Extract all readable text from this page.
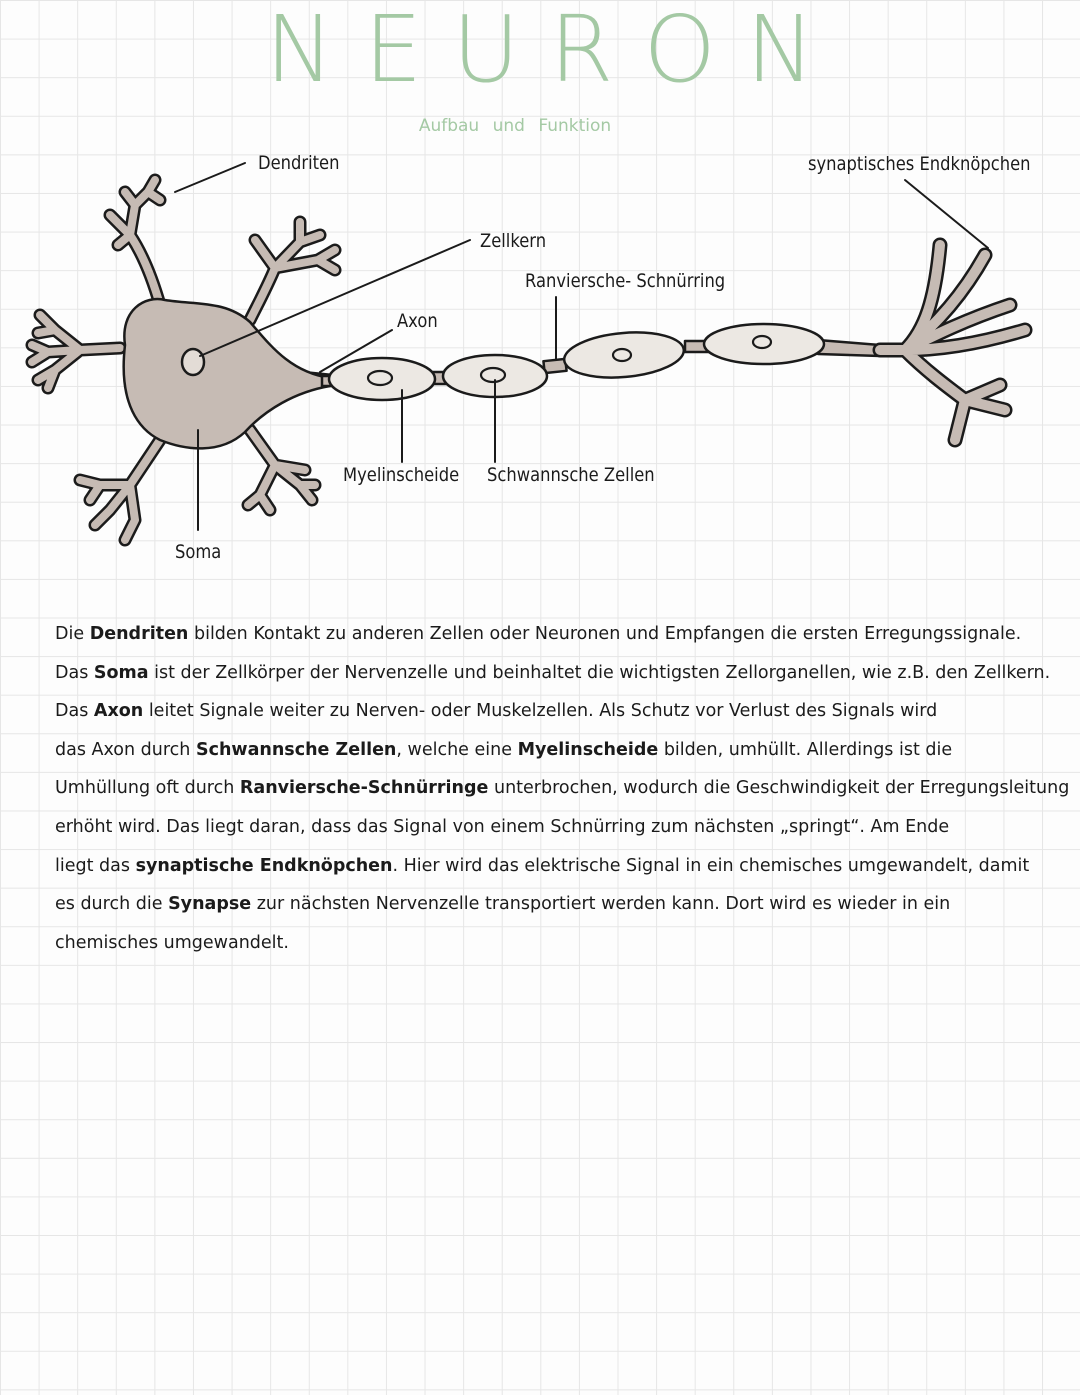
NEURON
Aufbau und Funktion
Dendriten
Zellkern
Ranviersche- Schnürring
Axon
Myelinscheide Schwannsche Zellen
Soma
synaptisches Endknöpchen
Die Dendriten bilden Kontakt zu anderen Zellen oder Neuronen und Empfangen die ersten Erregungssignale.
Das Soma ist der Zellkörper der Nervenzelle und beinhaltet die wichtigsten Zellorganellen, wie z.B. den Zellkern.
Das Axon leitet Signale weiter zu Nerven- oder Muskelzellen. Als Schutz vor Verlust des Signals wird
das Axon durch Schwannsche Zellen, welche eine Myelinscheide bilden, umhüllt. Allerdings ist die
Umhüllung oft durch Ranviersche-Schnürringe unterbrochen, wodurch die Geschwindigkeit der Erregungsleitung
erhöht wird. Das liegt daran, dass das Signal von einem Schnürring zum nächsten „springt“. Am Ende
liegt das synaptische Endknöpchen. Hier wird das elektrische Signal in ein chemisches umgewandelt, damit
es durch die Synapse zur nächsten Nervenzelle transportiert werden kann. Dort wird es wieder in ein
chemisches umgewandelt.
